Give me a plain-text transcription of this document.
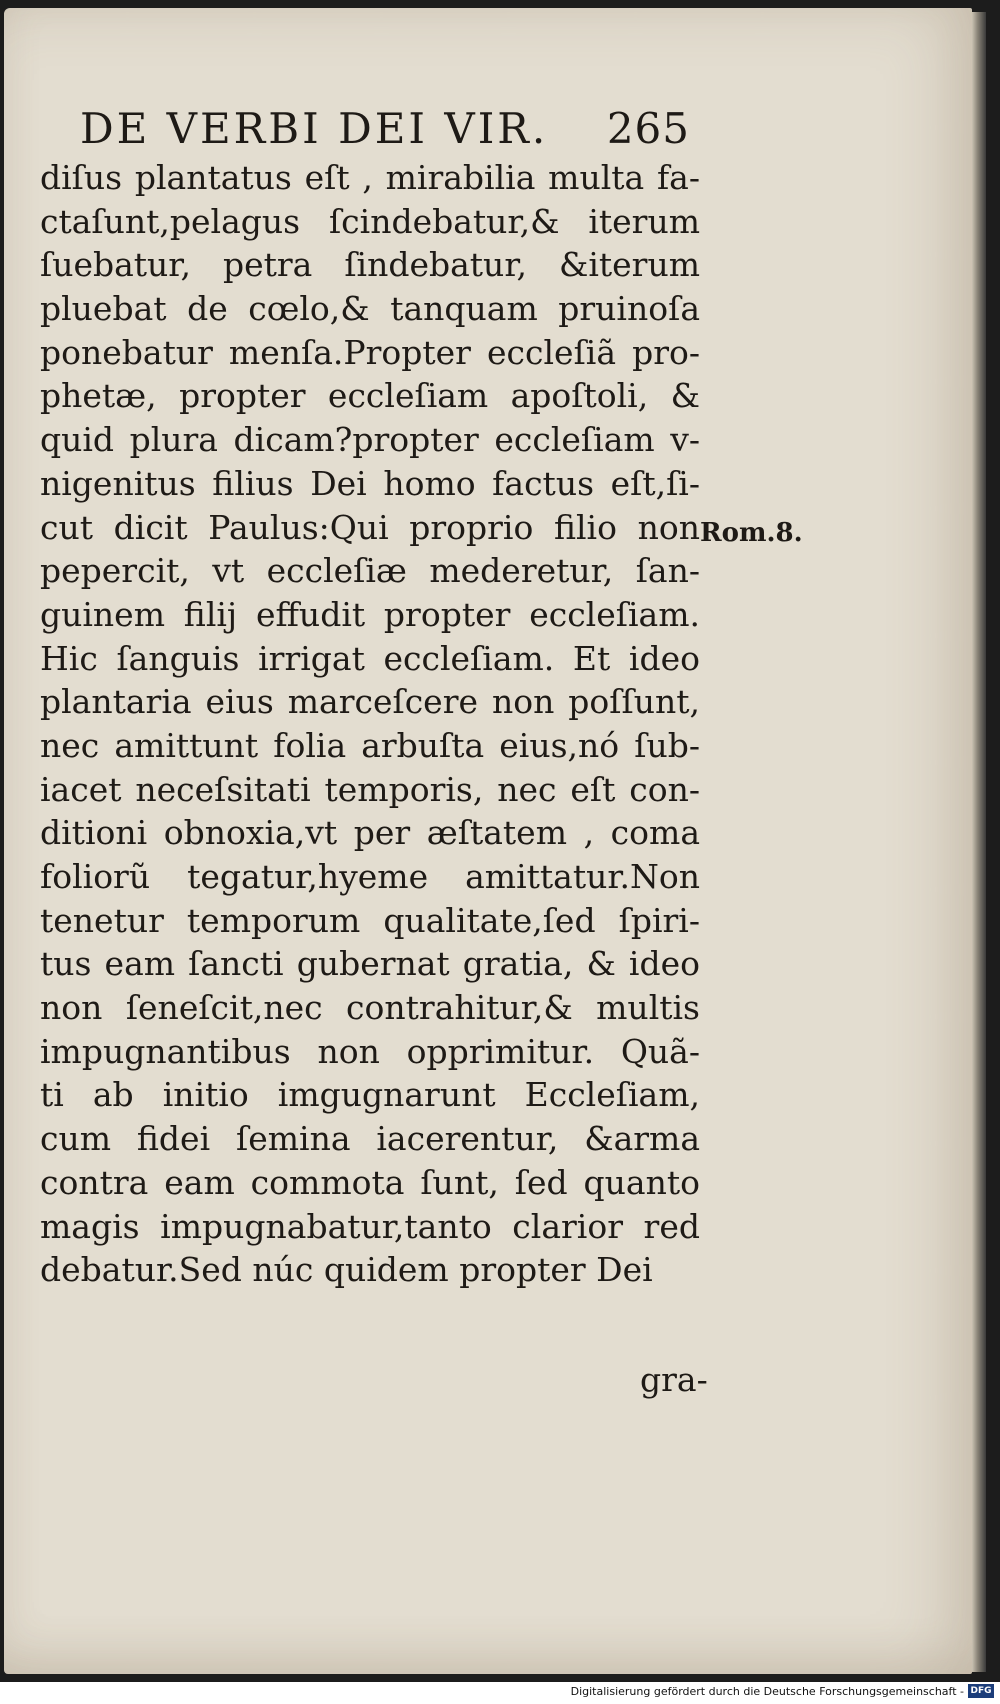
DE VERBI DEI VIR. 265
diſus plantatus eſt , mirabilia multa fa-
ctaſunt,pelagus ſcindebatur,& iterum
ſuebatur, petra ſindebatur, &iterum
pluebat de cœlo,& tanquam pruinoſa
ponebatur menſa.Propter eccleſiã pro-
phetæ, propter eccleſiam apoſtoli, &
quid plura dicam?propter eccleſiam v-
nigenitus filius Dei homo factus eſt,ſi-
cut dicit Paulus:Qui proprio filio non
pepercit, vt eccleſiæ mederetur, ſan-
guinem filij effudit propter eccleſiam.
Hic ſanguis irrigat eccleſiam. Et ideo
plantaria eius marceſcere non poſſunt,
nec amittunt folia arbuſta eius,nó ſub-
iacet neceſsitati temporis, nec eſt con-
ditioni obnoxia,vt per æſtatem , coma
foliorũ tegatur,hyeme amittatur.Non
tenetur temporum qualitate,ſed ſpiri-
tus eam ſancti gubernat gratia, & ideo
non ſeneſcit,nec contrahitur,& multis
impugnantibus non opprimitur. Quã-
ti ab initio imgugnarunt Eccleſiam,
cum fidei ſemina iacerentur, &arma
contra eam commota ſunt, ſed quanto
magis impugnabatur,tanto clarior red
debatur.Sed núc quidem propter Dei
gra-
Rom.8.
Digitalisierung gefördert durch die Deutsche Forschungsgemeinschaft - DFG
